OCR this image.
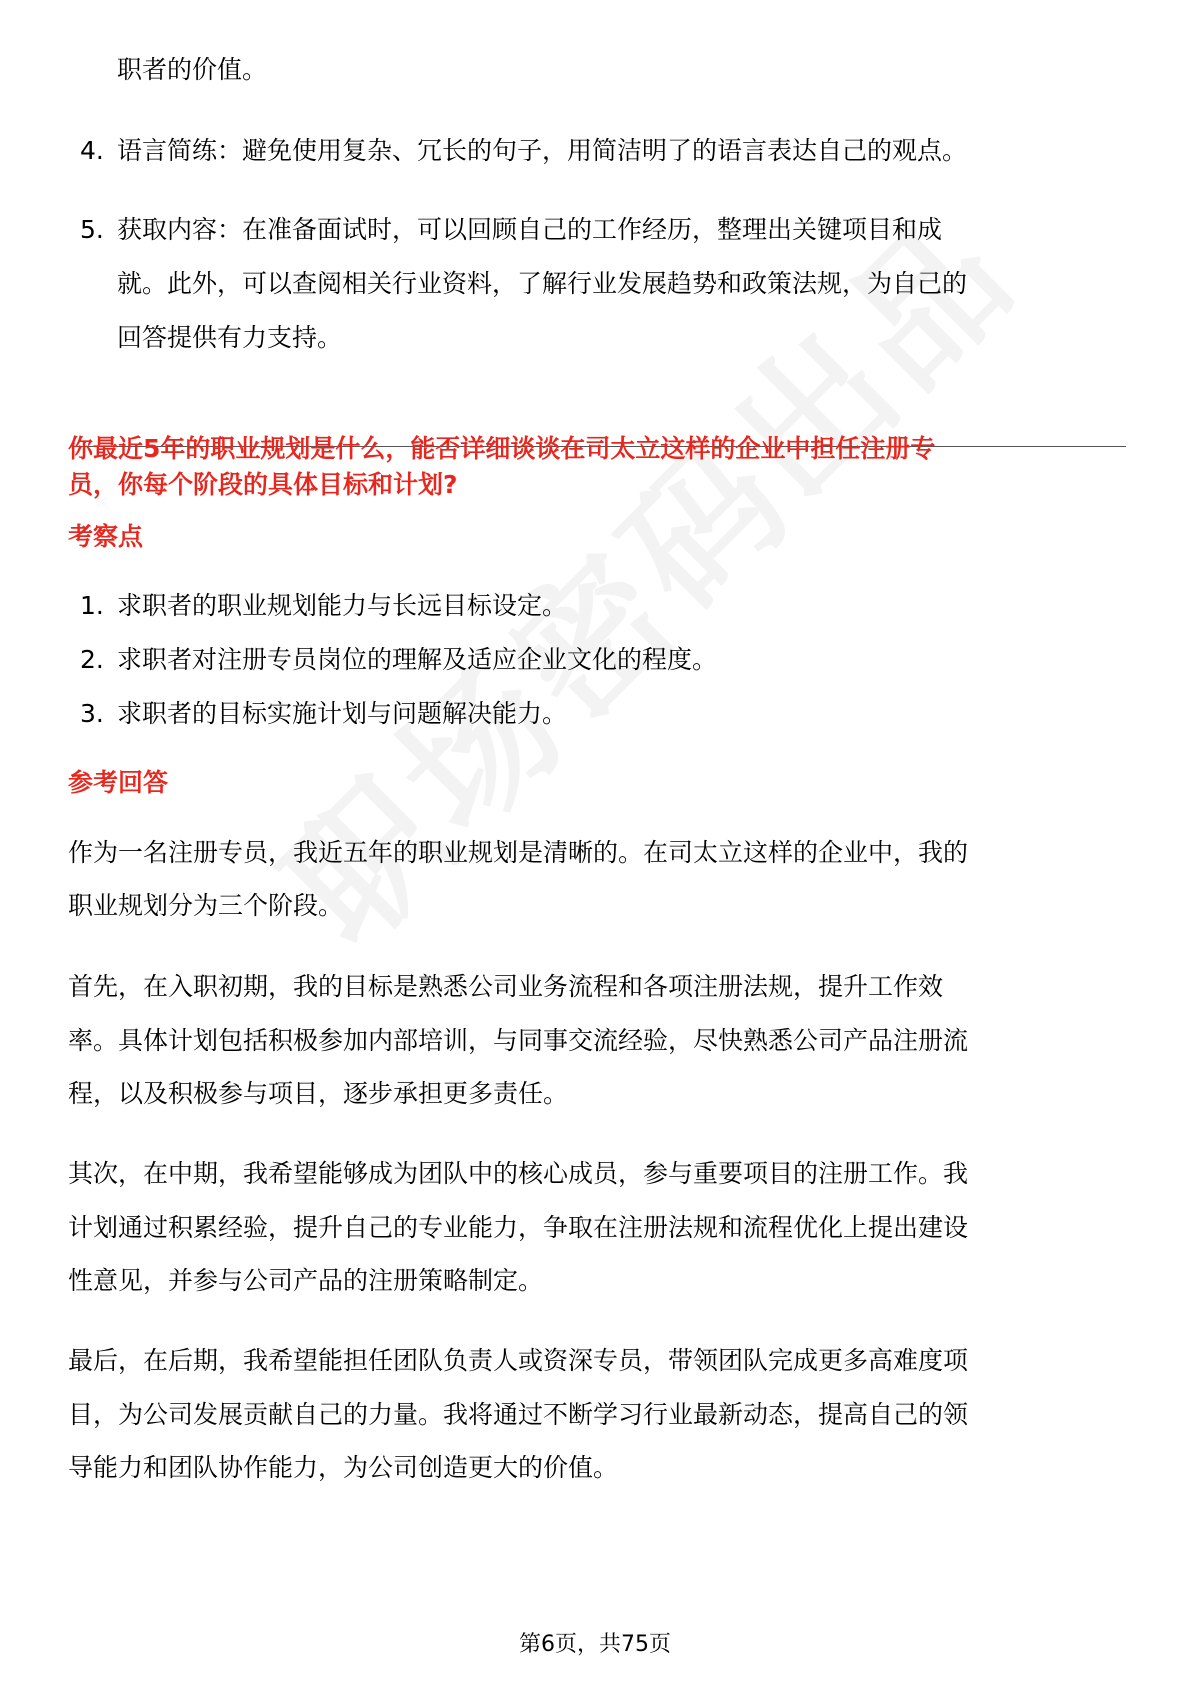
职者的价值。
4. 语言简练：避免使用复杂、冗长的句子，用简洁明了的语言表达自己的观点。
5. 获取内容：在准备面试时，可以回顾自己的工作经历，整理出关键项目和成
就。此外，可以查阅相关行业资料，了解行业发展趋势和政策法规，为自己的
回答提供有力支持。
你最近5年的职业规划是什么，能否详细谈谈在司太立这样的企业中担任注册专
员，你每个阶段的具体目标和计划?
考察点
1. 求职者的职业规划能力与长远目标设定。
2. 求职者对注册专员岗位的理解及适应企业文化的程度。
3. 求职者的目标实施计划与问题解决能力。
参考回答
作为一名注册专员，我近五年的职业规划是清晰的。在司太立这样的企业中，我的
职业规划分为三个阶段。
首先，在入职初期，我的目标是熟悉公司业务流程和各项注册法规，提升工作效
率。具体计划包括积极参加内部培训，与同事交流经验，尽快熟悉公司产品注册流
程，以及积极参与项目，逐步承担更多责任。
其次，在中期，我希望能够成为团队中的核心成员，参与重要项目的注册工作。我
计划通过积累经验，提升自己的专业能力，争取在注册法规和流程优化上提出建设
性意见，并参与公司产品的注册策略制定。
最后，在后期，我希望能担任团队负责人或资深专员，带领团队完成更多高难度项
目，为公司发展贡献自己的力量。我将通过不断学习行业最新动态，提高自己的领
导能力和团队协作能力，为公司创造更大的价值。
第6页，共75页
